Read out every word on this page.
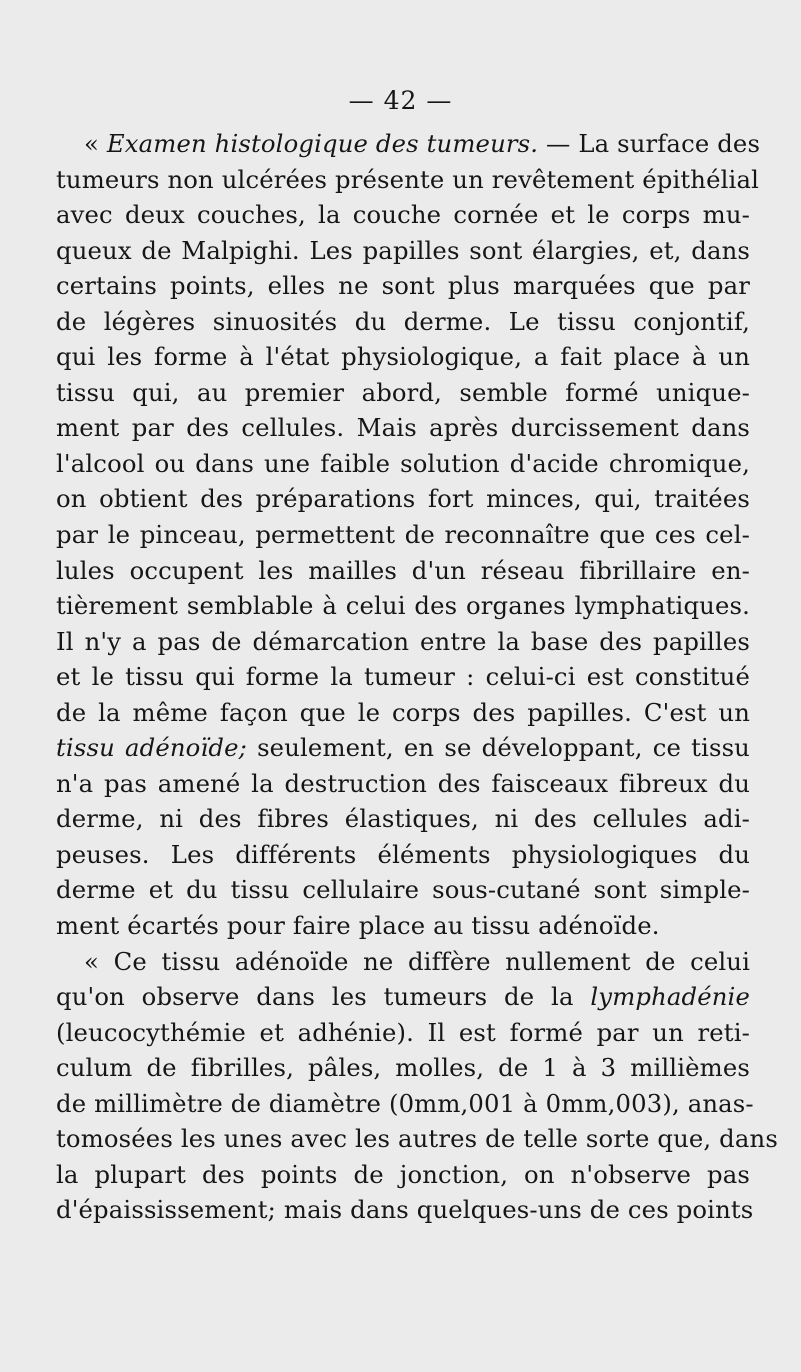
— 42 —
« Examen histologique des tumeurs. — La surface des
tumeurs non ulcérées présente un revêtement épithélial
avec deux couches, la couche cornée et le corps mu-
queux de Malpighi. Les papilles sont élargies, et, dans
certains points, elles ne sont plus marquées que par
de légères sinuosités du derme. Le tissu conjontif,
qui les forme à l'état physiologique, a fait place à un
tissu qui, au premier abord, semble formé unique-
ment par des cellules. Mais après durcissement dans
l'alcool ou dans une faible solution d'acide chromique,
on obtient des préparations fort minces, qui, traitées
par le pinceau, permettent de reconnaître que ces cel-
lules occupent les mailles d'un réseau fibrillaire en-
tièrement semblable à celui des organes lymphatiques.
Il n'y a pas de démarcation entre la base des papilles
et le tissu qui forme la tumeur : celui-ci est constitué
de la même façon que le corps des papilles. C'est un
tissu adénoïde; seulement, en se développant, ce tissu
n'a pas amené la destruction des faisceaux fibreux du
derme, ni des fibres élastiques, ni des cellules adi-
peuses. Les différents éléments physiologiques du
derme et du tissu cellulaire sous-cutané sont simple-
ment écartés pour faire place au tissu adénoïde.
« Ce tissu adénoïde ne diffère nullement de celui
qu'on observe dans les tumeurs de la lymphadénie
(leucocythémie et adhénie). Il est formé par un reti-
culum de fibrilles, pâles, molles, de 1 à 3 millièmes
de millimètre de diamètre (0mm,001 à 0mm,003), anas-
tomosées les unes avec les autres de telle sorte que, dans
la plupart des points de jonction, on n'observe pas
d'épaississement; mais dans quelques-uns de ces points
